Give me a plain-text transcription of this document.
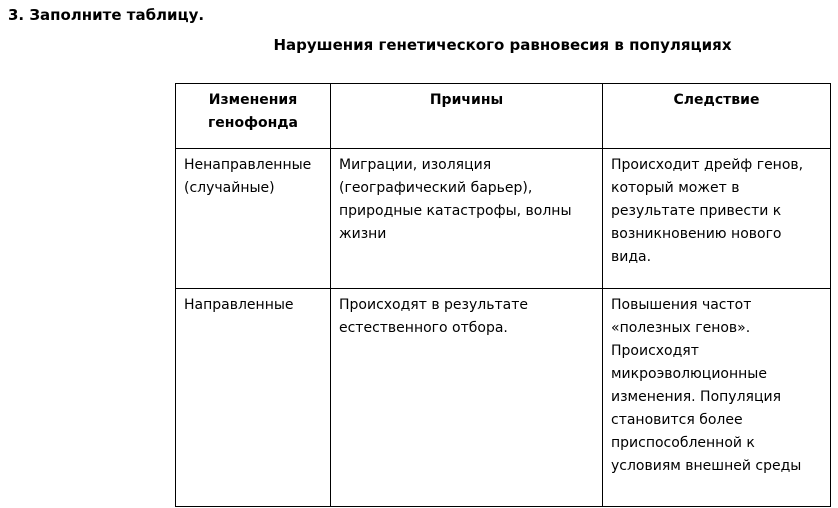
3. Заполните таблицу.
Нарушения генетического равновесия в популяциях
Изменения генофонда	Причины	Следствие
Ненаправленные (случайные)	Миграции, изоляция (географический барьер), природные катастрофы, волны жизни	Происходит дрейф генов, который может в результате привести к возникновению нового вида.
Направленные	Происходят в результате естественного отбора.	Повышения частот «полезных генов». Происходят микроэволюционные изменения. Популяция становится более приспособленной к условиям внешней среды
